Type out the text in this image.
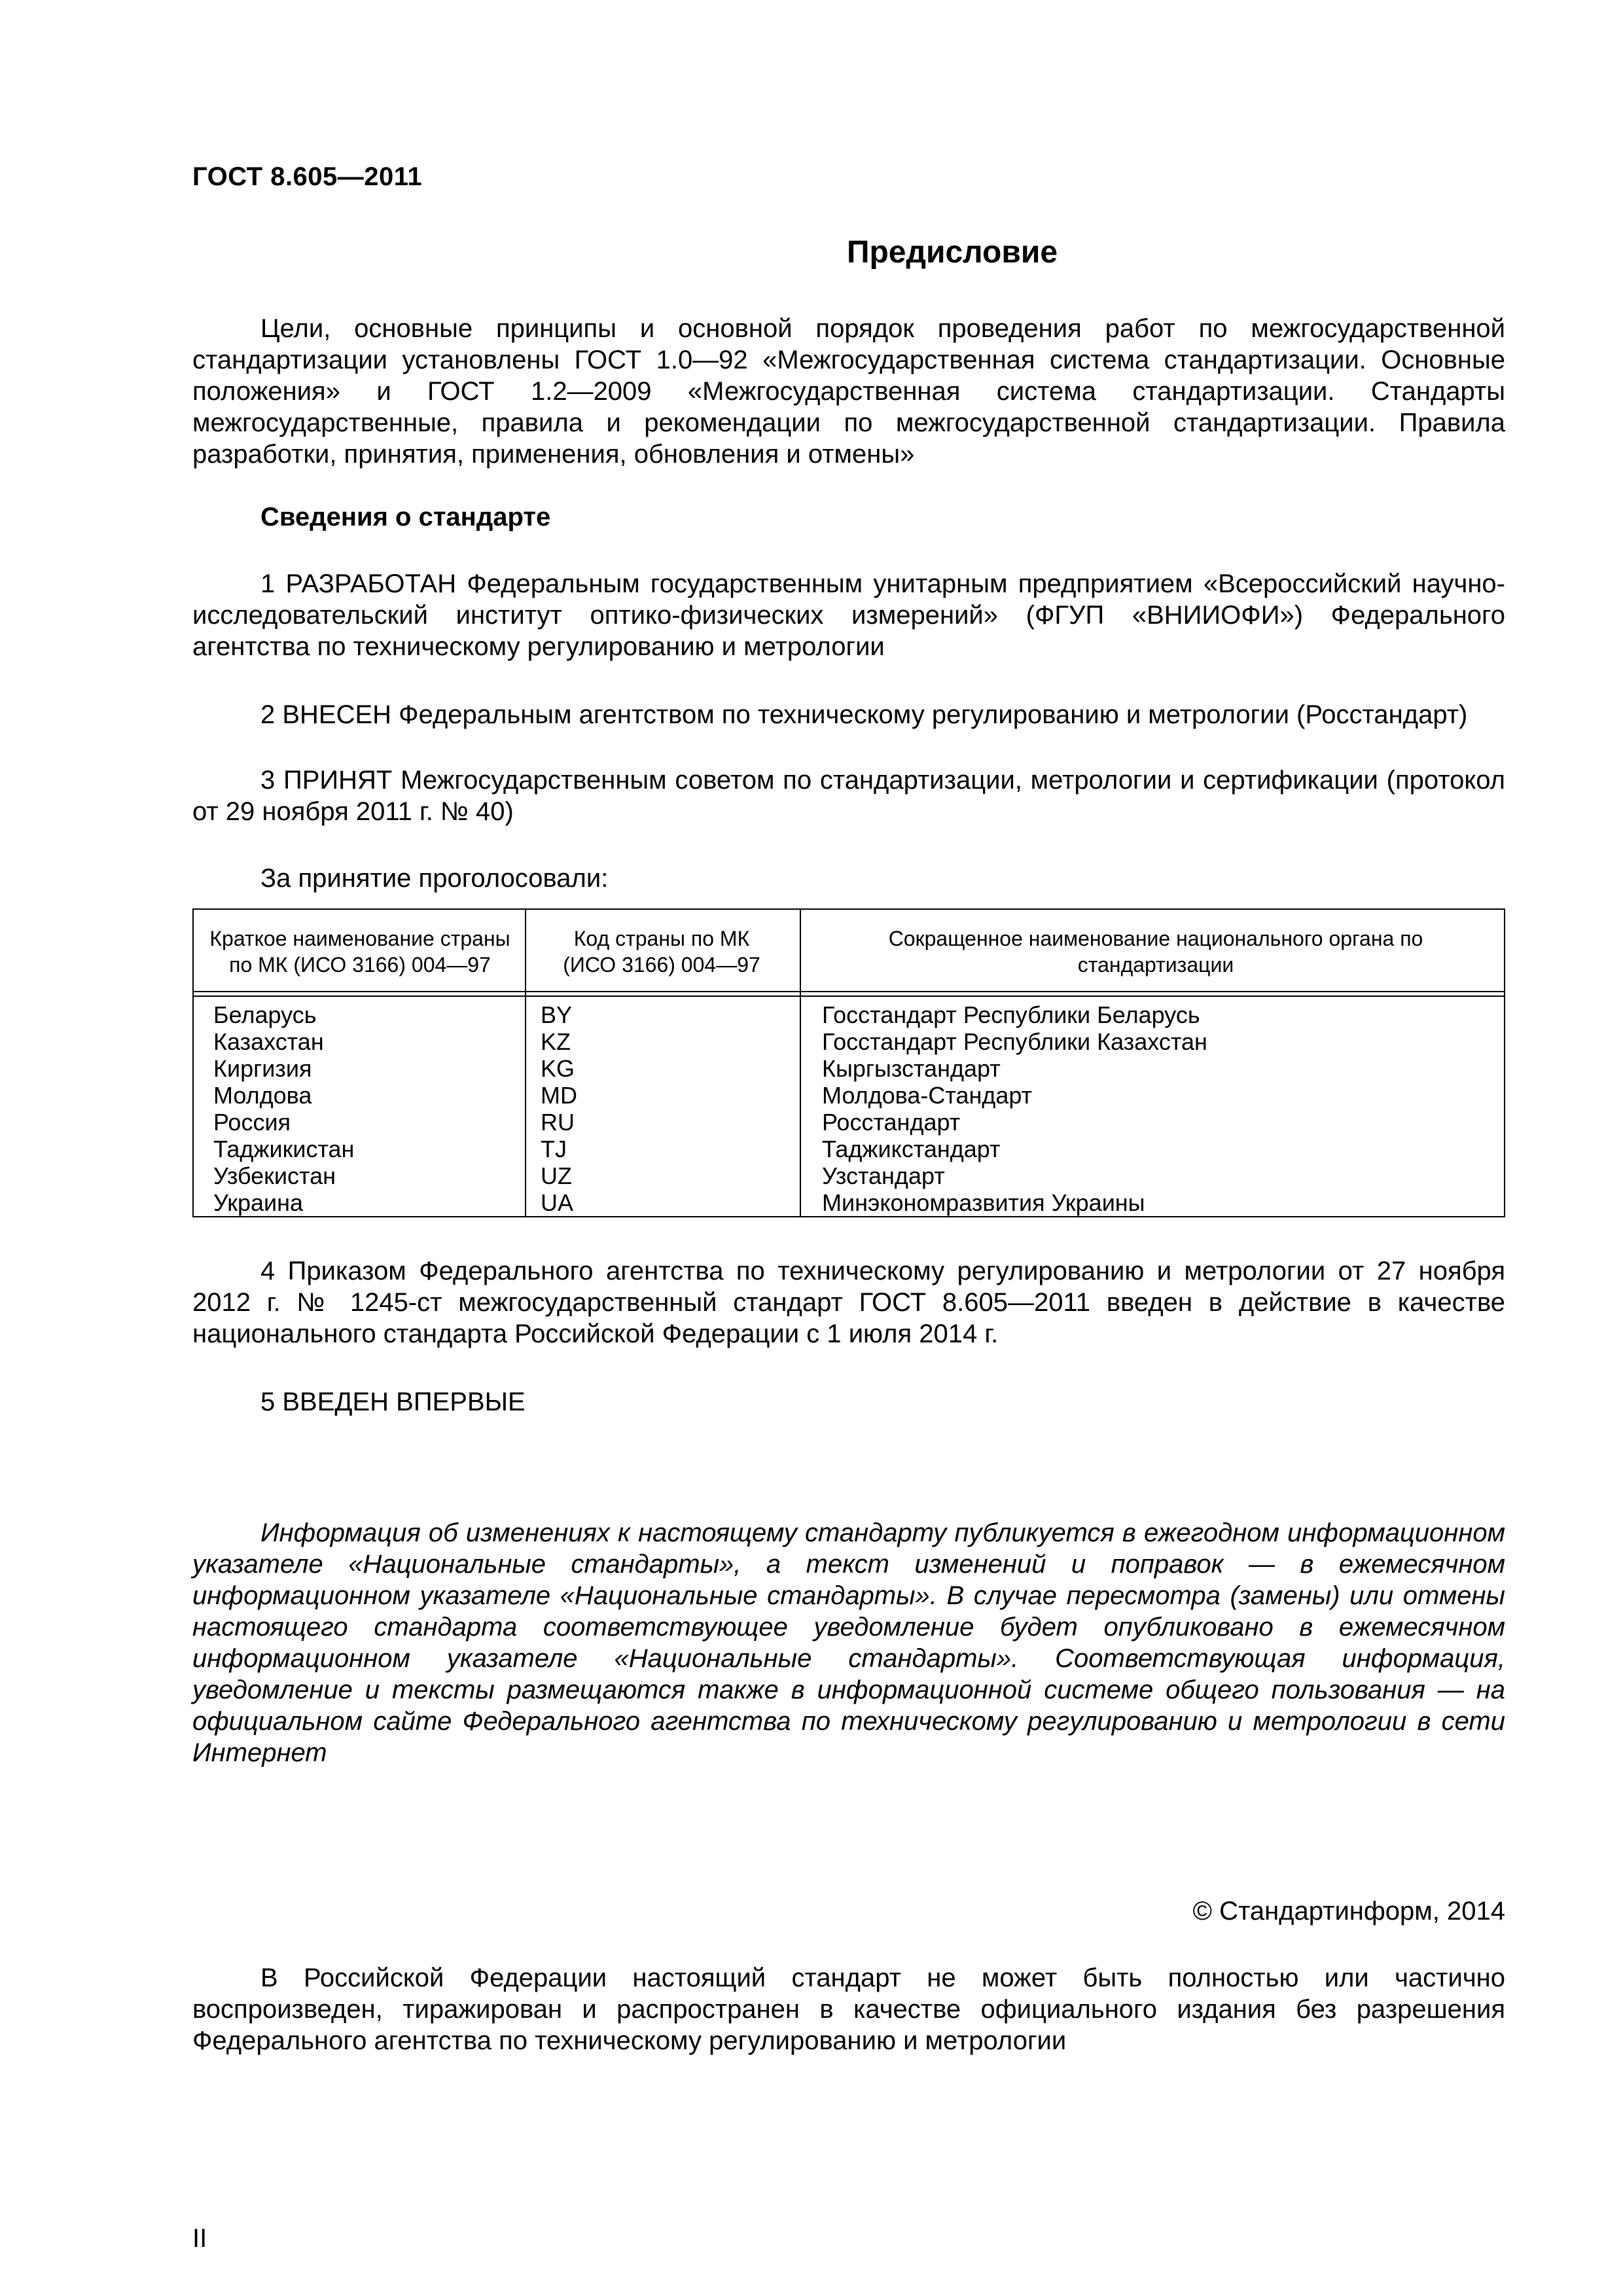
ГОСТ 8.605—2011
Предисловие
Цели, основные принципы и основной порядок проведения работ по межгосударственной стандартизации установлены ГОСТ 1.0—92 «Межгосударственная система стандартизации. Основные положения» и ГОСТ 1.2—2009 «Межгосударственная система стандартизации. Стандарты межгосударственные, правила и рекомендации по межгосударственной стандартизации. Правила разработки, принятия, применения, обновления и отмены»
Сведения о стандарте
1 РАЗРАБОТАН Федеральным государственным унитарным предприятием «Всероссийский научно-исследовательский институт оптико-физических измерений» (ФГУП «ВНИИОФИ») Федерального агентства по техническому регулированию и метрологии
2 ВНЕСЕН Федеральным агентством по техническому регулированию и метрологии (Росстандарт)
3 ПРИНЯТ Межгосударственным советом по стандартизации, метрологии и сертификации (протокол от 29 ноября 2011 г. № 40)
За принятие проголосовали:
Краткое наименование страны по МК (ИСО 3166) 004—97
Код страны по МК (ИСО 3166) 004—97
Сокращенное наименование национального органа по стандартизации
Беларусь
Казахстан
Киргизия
Молдова
Россия
Таджикистан
Узбекистан
Украина
BY
KZ
KG
MD
RU
TJ
UZ
UA
Госстандарт Республики Беларусь
Госстандарт Республики Казахстан
Кыргызстандарт
Молдова-Стандарт
Росстандарт
Таджикстандарт
Узстандарт
Минэкономразвития Украины
4 Приказом Федерального агентства по техническому регулированию и метрологии от 27 ноября 2012 г. № 1245-ст межгосударственный стандарт ГОСТ 8.605—2011 введен в действие в качестве национального стандарта Российской Федерации с 1 июля 2014 г.
5 ВВЕДЕН ВПЕРВЫЕ
Информация об изменениях к настоящему стандарту публикуется в ежегодном информационном указателе «Национальные стандарты», а текст изменений и поправок — в ежемесячном информационном указателе «Национальные стандарты». В случае пересмотра (замены) или отмены настоящего стандарта соответствующее уведомление будет опубликовано в ежемесячном информационном указателе «Национальные стандарты». Соответствующая информация, уведомление и тексты размещаются также в информационной системе общего пользования — на официальном сайте Федерального агентства по техническому регулированию и метрологии в сети Интернет
© Стандартинформ, 2014
В Российской Федерации настоящий стандарт не может быть полностью или частично воспроизведен, тиражирован и распространен в качестве официального издания без разрешения Федерального агентства по техническому регулированию и метрологии
II
